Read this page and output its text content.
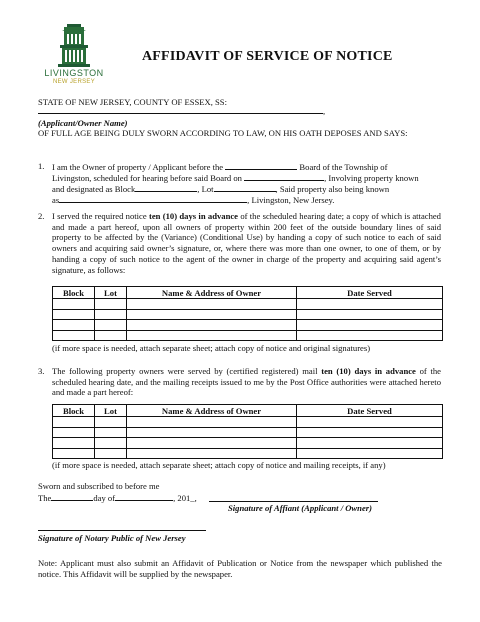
LIVINGSTON
NEW JERSEY
AFFIDAVIT OF SERVICE OF NOTICE
STATE OF NEW JERSEY, COUNTY OF ESSEX, SS:
,
(Applicant/Owner Name)
OF FULL AGE BEING DULY SWORN ACCORDING TO LAW, ON HIS OATH DEPOSES AND SAYS:
1. I am the Owner of property / Applicant before the	Board of the Township of
Livingston, scheduled for hearing before said Board on	, Involving property known
and designated as Block	, Lot	, Said property also being known
as	, Livingston, New Jersey.
2. I served the required notice ten (10) days in advance of the scheduled hearing date; a copy of which is attached and made a part hereof, upon all owners of property within 200 feet of the outside boundary lines of said property to be affected by the (Variance) (Conditional Use) by handing a copy of such notice to each of said owners and acquiring said owner’s signature, or, where there was more than one owner, to one of them, or by handing a copy of such notice to the agent of the owner in charge of the property and acquiring said agent’s signature, as follows:
Block	Lot	Name & Address of Owner	Date Served

(if more space is needed, attach separate sheet; attach copy of notice and original signatures)
3. The following property owners were served by (certified registered) mail ten (10) days in advance of the scheduled hearing date, and the mailing receipts issued to me by the Post Office authorities were attached hereto and made a part hereof:
Block	Lot	Name & Address of Owner	Date Served

(if more space is needed, attach separate sheet; attach copy of notice and mailing receipts, if any)
Sworn and subscribed to before me
The	day of	, 201_,
Signature of Affiant (Applicant / Owner)
Signature of Notary Public of New Jersey
Note: Applicant must also submit an Affidavit of Publication or Notice from the newspaper which published the notice. This Affidavit will be supplied by the newspaper.
